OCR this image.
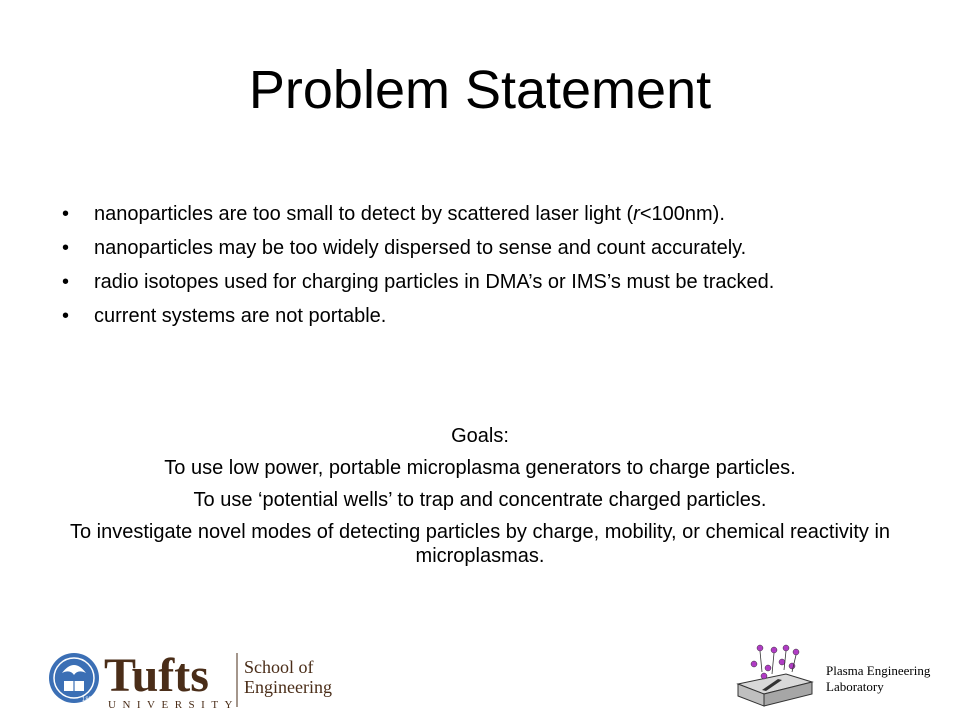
Problem Statement
• nanoparticles are too small to detect by scattered laser light (r<100nm).
• nanoparticles may be too widely dispersed to sense and count accurately.
• radio isotopes used for charging particles in DMA’s or IMS’s must be tracked.
• current systems are not portable.
Goals:
To use low power, portable microplasma generators to charge particles.
To use ‘potential wells’ to trap and concentrate charged particles.
To investigate novel modes of detecting particles by charge, mobility, or chemical reactivity in microplasmas.
1852 Tufts
UNIVERSITY
School of
Engineering
Plasma Engineering
Laboratory
